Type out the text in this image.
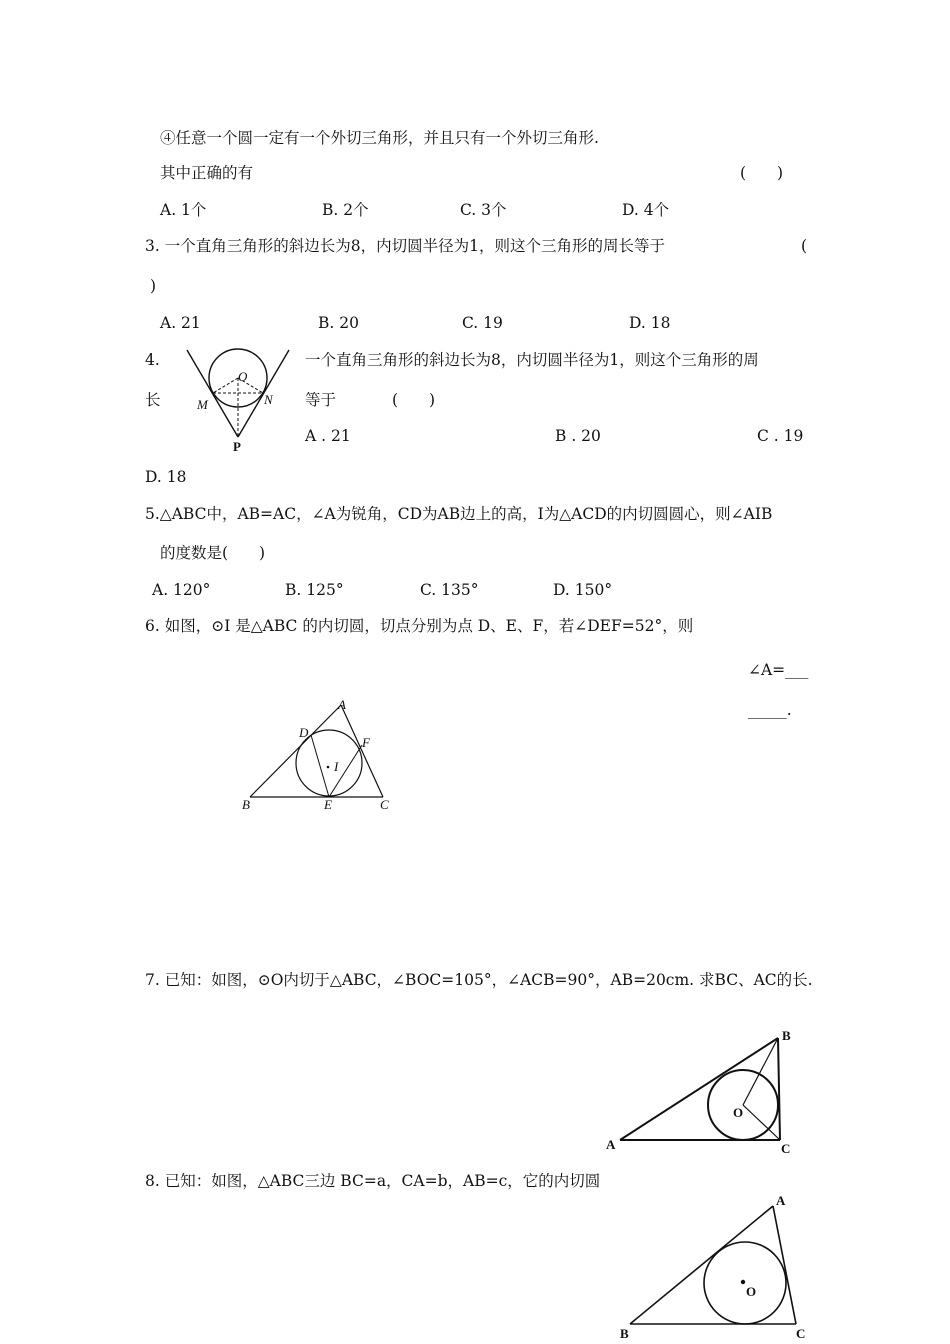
④任意一个圆一定有一个外切三角形，并且只有一个外切三角形.
其中正确的有	(　　)
A. 1个	B. 2个	C. 3个	D. 4个
3. 一个直角三角形的斜边长为8，内切圆半径为1，则这个三角形的周长等于	(
)
A. 21	B. 20	C. 19	D. 18
4.	一个直角三角形的斜边长为8，内切圆半径为1，则这个三角形的周
长	等于	(　　)
A . 21	B . 20	C . 19
D. 18
O
M	N
P
5.△ABC中，AB=AC，∠A为锐角，CD为AB边上的高，I为△ACD的内切圆圆心，则∠AIB
的度数是(　　)
A. 120°	B. 125°	C. 135°	D. 150°
6. 如图，⊙I 是△ABC 的内切圆，切点分别为点 D、E、F，若∠DEF=52°，则
∠A=___
_____.
A
B	C
D
E
F
I
7. 已知：如图，⊙O内切于△ABC，∠BOC=105°，∠ACB=90°，AB=20cm. 求BC、AC的长.
A
B
C
O
8. 已知：如图，△ABC三边 BC=a，CA=b，AB=c，它的内切圆
A
B	C
O
